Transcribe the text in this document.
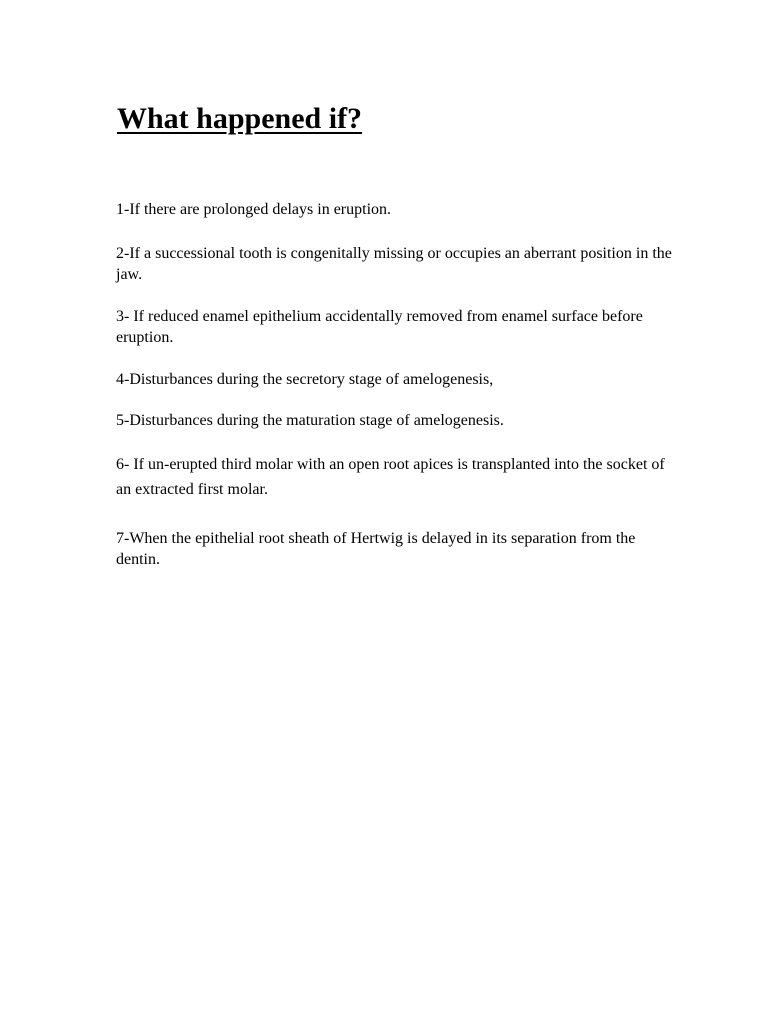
What happened if?

1-If there are prolonged delays in eruption.

2-If a successional tooth is congenitally missing or occupies an aberrant position in the jaw.

3- If reduced enamel epithelium accidentally removed from enamel surface before eruption.

4-Disturbances during the secretory stage of amelogenesis,

5-Disturbances during the maturation stage of amelogenesis.

6- If un-erupted third molar with an open root apices is transplanted into the socket of an extracted first molar.

7-When the epithelial root sheath of Hertwig is delayed in its separation from the dentin.
